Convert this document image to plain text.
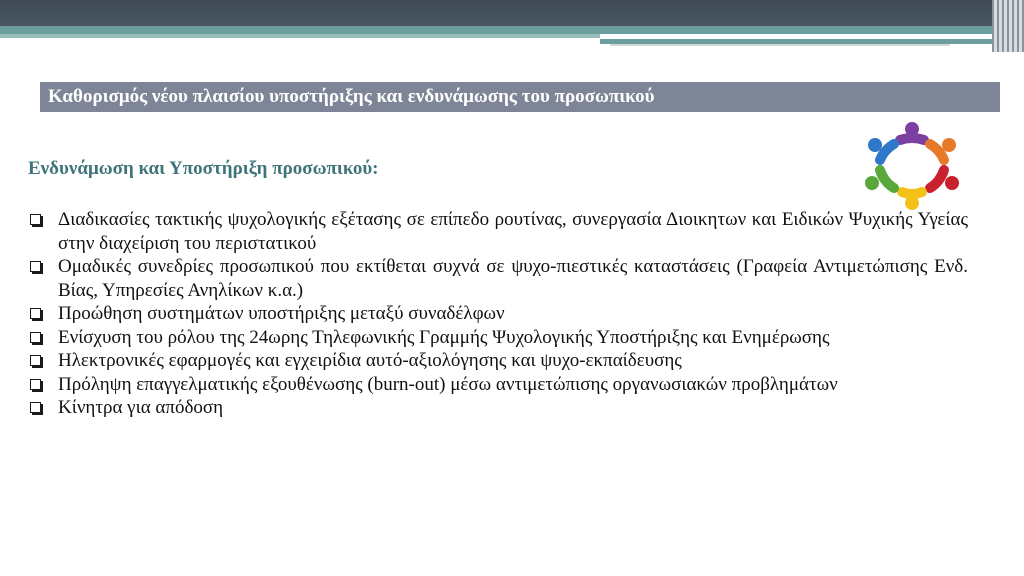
Καθορισμός νέου πλαισίου υποστήριξης και ενδυνάμωσης του προσωπικού
Ενδυνάμωση και Υποστήριξη προσωπικού:
Διαδικασίες τακτικής ψυχολογικής εξέτασης σε επίπεδο ρουτίνας, συνεργασία Διοικητων και Ειδικών Ψυχικής Υγείας στην διαχείριση του περιστατικού
Ομαδικές συνεδρίες προσωπικού που εκτίθεται συχνά σε ψυχο-πιεστικές καταστάσεις (Γραφεία Αντιμετώπισης Ενδ. Βίας, Υπηρεσίες Ανηλίκων κ.α.)
Προώθηση συστημάτων υποστήριξης μεταξύ συναδέλφων
Ενίσχυση του ρόλου της 24ωρης Τηλεφωνικής Γραμμής Ψυχολογικής Υποστήριξης και Ενημέρωσης
Ηλεκτρονικές εφαρμογές και εγχειρίδια αυτό-αξιολόγησης και ψυχο-εκπαίδευσης
Πρόληψη επαγγελματικής εξουθένωσης (burn-out) μέσω αντιμετώπισης οργανωσιακών προβλημάτων
Κίνητρα για απόδοση
